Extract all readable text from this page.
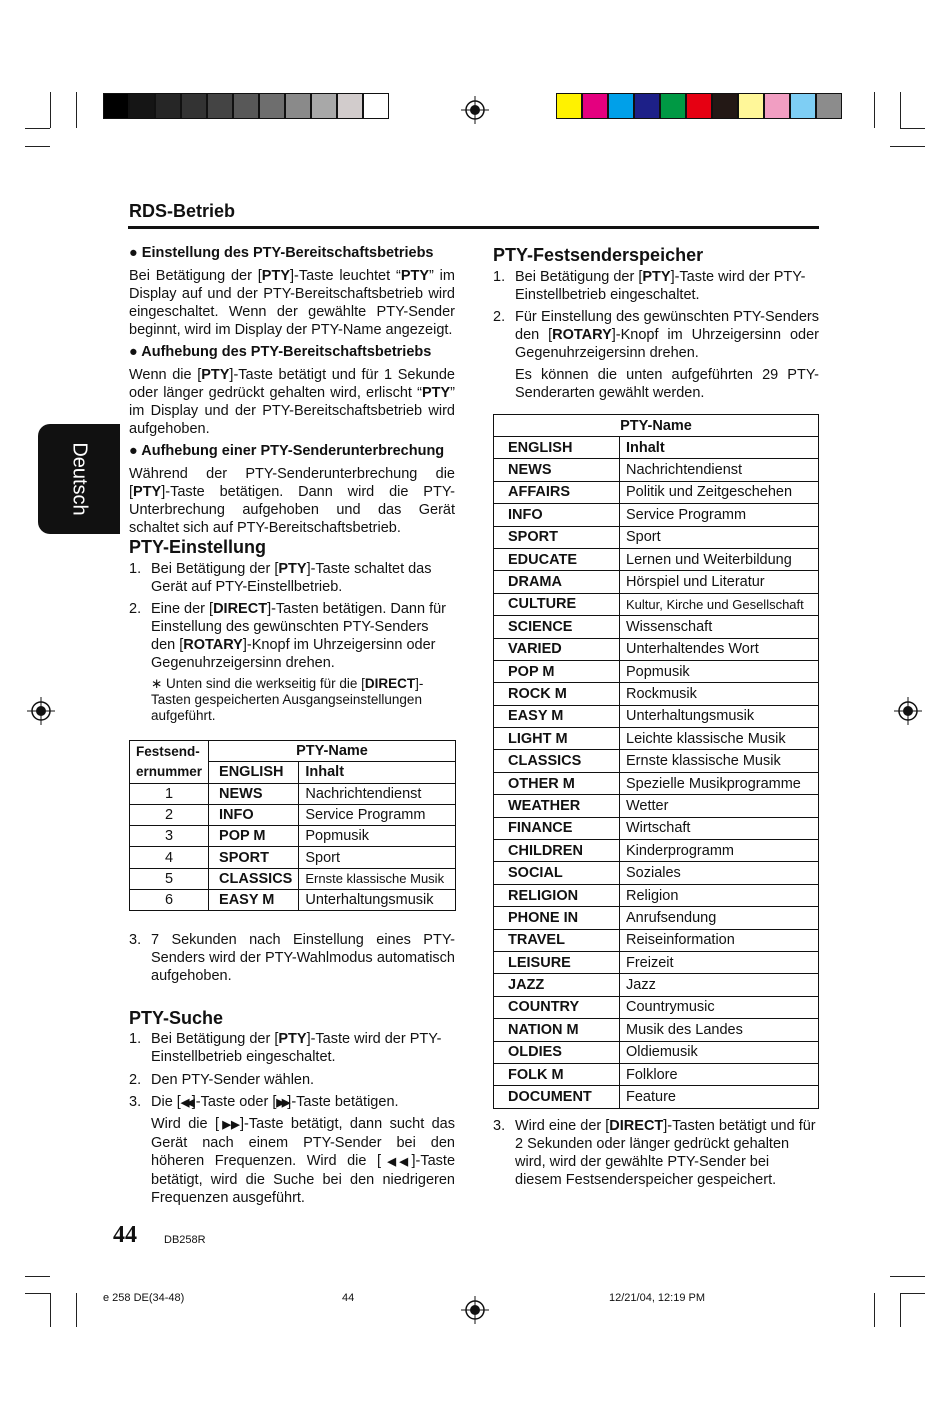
RDS-Betrieb
Deutsch
● Einstellung des PTY-Bereitschaftsbetriebs
Bei Betätigung der [PTY]-Taste leuchtet “PTY” im Display auf und der PTY-Bereitschaftsbetrieb wird eingeschaltet. Wenn der gewählte PTY-Sender beginnt, wird im Display der PTY-Name angezeigt.
● Aufhebung des PTY-Bereitschaftsbetriebs
Wenn die [PTY]-Taste betätigt und für 1 Sekunde oder länger gedrückt gehalten wird, erlischt “PTY” im Display und der PTY-Bereitschaftsbetrieb wird aufgehoben.
● Aufhebung einer PTY-Senderunterbrechung
Während der PTY-Senderunterbrechung die [PTY]-Taste betätigen. Dann wird die PTY-Unterbrechung aufgehoben und das Gerät schaltet sich auf PTY-Bereitschaftsbetrieb.
PTY-Einstellung
1. Bei Betätigung der [PTY]-Taste schaltet das Gerät auf PTY-Einstellbetrieb.
2. Eine der [DIRECT]-Tasten betätigen. Dann für Einstellung des gewünschten PTY-Senders den [ROTARY]-Knopf im Uhrzeigersinn oder Gegenuhrzeigersinn drehen.
∗ Unten sind die werkseitig für die [DIRECT]-Tasten gespeicherten Ausgangseinstellungen aufgeführt.
Festsend-ernummer	PTY-Name	
	ENGLISH	Inhalt
1	NEWS	Nachrichtendienst
2	INFO	Service Programm
3	POP M	Popmusik
4	SPORT	Sport
5	CLASSICS	Ernste klassische Musik
6	EASY M	Unterhaltungsmusik
3. 7 Sekunden nach Einstellung eines PTY-Senders wird der PTY-Wahlmodus automatisch aufgehoben.
PTY-Suche
1. Bei Betätigung der [PTY]-Taste wird der PTY-Einstellbetrieb eingeschaltet.
2. Den PTY-Sender wählen.
3. Die [◀◀]-Taste oder [▶▶]-Taste betätigen.
Wird die [▶▶]-Taste betätigt, dann sucht das Gerät nach einem PTY-Sender bei den höheren Frequenzen. Wird die [◀◀]-Taste betätigt, wird die Suche bei den niedrigeren Frequenzen ausgeführt.
PTY-Festsenderspeicher
1. Bei Betätigung der [PTY]-Taste wird der PTY-Einstellbetrieb eingeschaltet.
2. Für Einstellung des gewünschten PTY-Senders den [ROTARY]-Knopf im Uhrzeigersinn oder Gegenuhrzeigersinn drehen.
Es können die unten aufgeführten 29 PTY-Senderarten gewählt werden.
PTY-Name	
ENGLISH	Inhalt
NEWS	Nachrichtendienst
AFFAIRS	Politik und Zeitgeschehen
INFO	Service Programm
SPORT	Sport
EDUCATE	Lernen und Weiterbildung
DRAMA	Hörspiel und Literatur
CULTURE	Kultur, Kirche und Gesellschaft
SCIENCE	Wissenschaft
VARIED	Unterhaltendes Wort
POP M	Popmusik
ROCK M	Rockmusik
EASY M	Unterhaltungsmusik
LIGHT M	Leichte klassische Musik
CLASSICS	Ernste klassische Musik
OTHER M	Spezielle Musikprogramme
WEATHER	Wetter
FINANCE	Wirtschaft
CHILDREN	Kinderprogramm
SOCIAL	Soziales
RELIGION	Religion
PHONE IN	Anrufsendung
TRAVEL	Reiseinformation
LEISURE	Freizeit
JAZZ	Jazz
COUNTRY	Countrymusic
NATION M	Musik des Landes
OLDIES	Oldiemusik
FOLK M	Folklore
DOCUMENT	Feature
3. Wird eine der [DIRECT]-Tasten betätigt und für 2 Sekunden oder länger gedrückt gehalten wird, wird der gewählte PTY-Sender bei diesem Festsenderspeicher gespeichert.
44 DB258R
e 258 DE(34-48)	44	12/21/04, 12:19 PM
